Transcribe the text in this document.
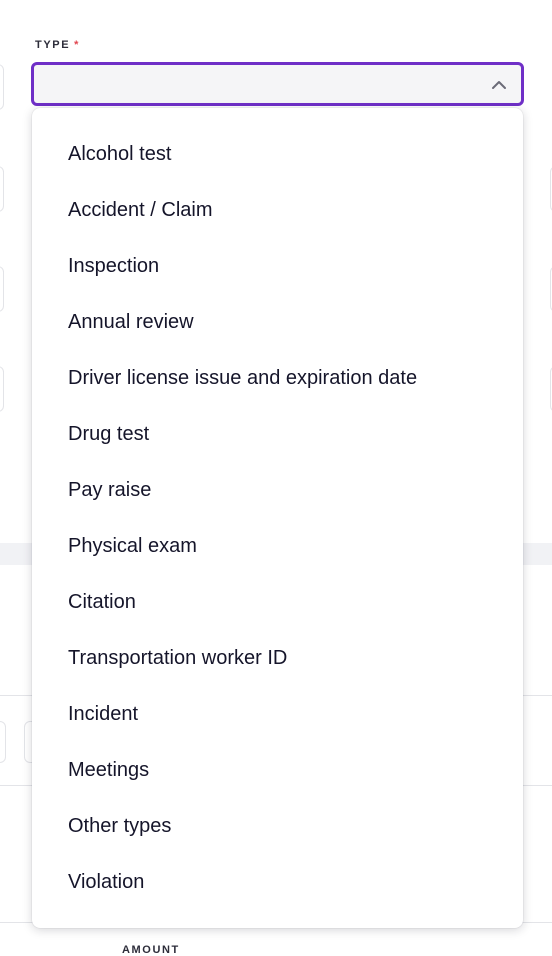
AMOUNT
TYPE *
Alcohol test
Accident / Claim
Inspection
Annual review
Driver license issue and expiration date
Drug test
Pay raise
Physical exam
Citation
Transportation worker ID
Incident
Meetings
Other types
Violation
